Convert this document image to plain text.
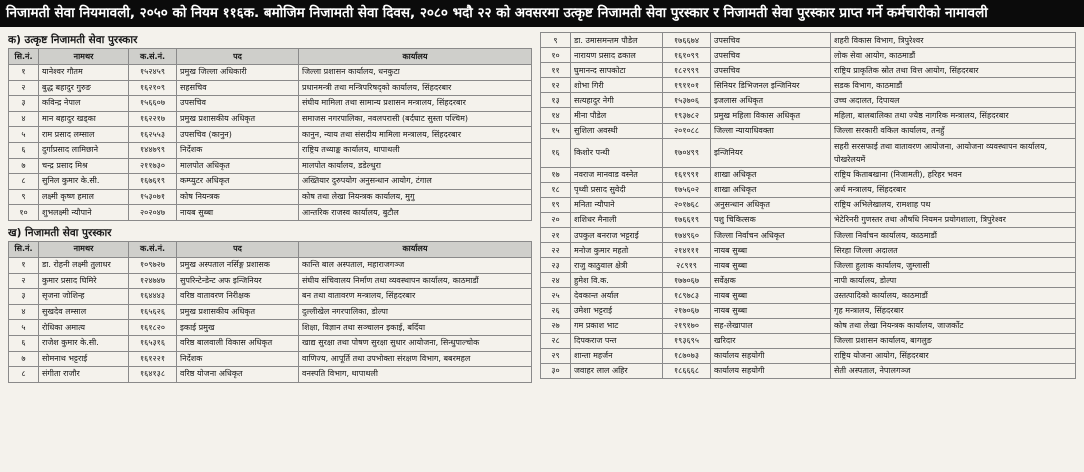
निजामती सेवा नियमावली, २०५० को नियम ११६क. बमोजिम निजामती सेवा दिवस, २०८० भदौ २२ को अवसरमा उत्कृष्ट निजामती सेवा पुरस्कार र निजामती सेवा पुरस्कार प्राप्त गर्ने कर्मचारीको नामावली
क) उत्कृष्ट निजामती सेवा पुरस्कार
सि.नं.	नामथर	क.सं.नं.	पद	कार्यालय
१	यानेश्वर गौतम	१५२४५९	प्रमुख जिल्ला अधिकारी	जिल्ला प्रशासन कार्यालय, धनकुटा
२	बुद्ध बहादुर गुरुङ	१६२१०९	सहसचिव	प्रधानमन्त्री तथा मन्त्रिपरिषद्को कार्यालय, सिंहदरबार
३	कविन्द्र नेपाल	१५६६०७	उपसचिव	संघीय मामिला तथा सामान्य प्रशासन मन्त्रालय, सिंहदरबार
४	मान बहादुर खड्का	१६२२१७	प्रमुख प्रशासकीय अधिकृत	समाजस नगरपालिका, नवलपरासी (बर्दघाट सुस्ता पश्चिम)
५	राम प्रसाद लम्साल	१६२५५३	उपसचिव (कानुन)	कानुन, न्याय तथा संसदीय मामिला मन्त्रालय, सिंहदरबार
६	दुर्गाप्रसाद लामिछाने	१४४७९९	निर्देशक	राष्ट्रिय तथ्याङ्क कार्यालय, थापाथली
७	चन्द्र प्रसाद मिश्र	२११७३०	मालपोत अधिकृत	मालपोत कार्यालय, डडेल्धुरा
८	सुनिल कुमार के.सी.	१६७६१९	कम्प्युटर अधिकृत	अख्तियार दुरुपयोग अनुसन्धान आयोग, टंगाल
९	लक्ष्मी कृष्ण हमाल	१५३०७१	कोष नियन्त्रक	कोष तथा लेखा नियन्त्रक कार्यालय, मुगु
१०	शुभलक्ष्मी न्यौपाने	२०२०४७	नायब सुब्बा	आन्तरिक राजस्व कार्यालय, बुटौल
ख) निजामती सेवा पुरस्कार
सि.नं.	नामथर	क.सं.नं.	पद	कार्यालय
१	डा. रोहनी लक्ष्मी तुलाधर	१०९७२७	प्रमुख अस्पताल नर्सिङ्ग प्रशासक	कान्ति बाल अस्पताल, महाराजगञ्ज
२	कुमार प्रसाद घिमिरे	१२४७४७	सुपरिन्टेन्डेन्ट अफ इन्जिनियर	संघीय संचिवालय निर्माण तथा व्यवस्थापन कार्यालय, काठमाडौं
३	सृजना जोशिन्ह	१६४४४३	वरिष्ठ वातावरण निरीक्षक	बन तथा वातावरण मन्त्रालय, सिंहदरबार
४	सुखदेव लम्साल	१६५६२६	प्रमुख प्रशासकीय अधिकृत	दुल्लीखेल नगरपालिका, डोल्पा
५	रोधिका अमात्य	१६१८२०	इकाई प्रमुख	शिक्षा, विज्ञान तथा सञ्चालन इकाई, बर्दिया
६	राजेश कुमार के.सी.	१६५३१६	वरिष्ठ बालवाली विकास अधिकृत	खाद्य सुरक्षा तथा पोषण सुरक्षा सुधार आयोजना, सिन्धुपाल्चोक
७	सोमनाथ भट्टराई	१६१२२१	निर्देशक	वाणिज्य, आपूर्ति तथा उपभोक्ता संरक्षण विभाग, बबरमहल
८	संगीता राजौर	१६४१३८	वरिष्ठ योजना अधिकृत	वनस्पति विभाग, थापाथली
९	डा. उमासमन्तम पौडेल	१७६६७४	उपसचिव	शहरी विकास विभाग, त्रिपुरेश्वर
१०	नारायण प्रसाद ढकाल	१६१०९९	उपसचिव	लोक सेवा आयोग, काठमाडौं
११	घुमानन्द सापकोटा	१८२९९९	उपसचिव	राष्ट्रिय प्राकृतिक स्रोत तथा वित्त आयोग, सिंहदरबार
१२	शोभा गिरी	१९११०१	सिनियर डिभिजनल इन्जिनियर	सडक विभाग, काठमाडौं
१३	सत्यहादुर नेगी	१५३७०६	इजलास अधिकृत	उच्च अदालत, दिपायल
१४	मीना पौडेल	१९३७८२	प्रमुख महिला विकास अधिकृत	महिला, बालबालिका तथा ज्येष्ठ नागरिक मन्त्रालय, सिंहदरबार
१५	सुशिला अवस्थी	२०१०८८	जिल्ला न्यायाधिवक्ता	जिल्ला सरकारी वकिल कार्यालय, तनहुँ
१६	किशोर पन्थी	१७०४९९	इन्जिनियर	सहरी सरसफाई तथा वातावरण आयोजना, आयोजना व्यवस्थापन कार्यालय, पोखरेलयमें
१७	नवराज मानवाड वस्नेत	१६१९९१	शाखा अधिकृत	राष्ट्रिय किताबखाना (निजामती), हरिहर भवन
१८	पृथ्वी प्रसाद सुवेदी	१७५६०२	शाखा अधिकृत	अर्थ मन्त्रालय, सिंहदरबार
१९	मनिता न्यौपाने	२०१७६८	अनुसन्धान अधिकृत	राष्ट्रिय अभिलेखालय, रामशाह पथ
२०	शशिधर मैनाली	१७६६१९	पशु चिकित्सक	भेटेरिनरी गुणस्तर तथा औषधि नियमन प्रयोगशाला, त्रिपुरेश्वर
२१	उपकुल बनराज भट्टराई	१७४९६०	जिल्ला निर्वाचन अधिकृत	जिल्ला निर्वाचन कार्यालय, काठमाडौं
२२	मनोज कुमार महतो	२१४१११	नायब सुब्बा	सिरहा जिल्ला अदालत
२३	राजु काठुवाल क्षेत्री	२८९१९	नायब सुब्बा	जिल्ला हुलाक कार्यालय, जुम्लासी
२४	हुमेश वि.क.	१७७०६७	सर्वेक्षक	नापी कार्यालय, डोल्पा
२५	देवकान्त अर्याल	१८९७८३	नायब सुब्बा	उस्तत्पादिको कार्यालय, काठमाडौं
२६	उमेशा भट्टराई	२१७०६७	नायब सुब्बा	गृह मन्त्रालय, सिंहदरबार
२७	गम प्रकाश भाट	२१९१७०	सह-लेखापाल	कोष तथा लेखा नियन्त्रक कार्यालय, जाजर्कोट
२८	दिपकराज पन्त	१९३६९५	खरिदार	जिल्ला प्रशासन कार्यालय, बागलुङ
२९	शान्ता महर्जन	१८७०७३	कार्यालय सहयोगी	राष्ट्रिय योजना आयोग, सिंहदरबार
३०	जवाहर लाल अहिर	१८६६६८	कार्यालय सहयोगी	सेती अस्पताल, नेपालगञ्ज
